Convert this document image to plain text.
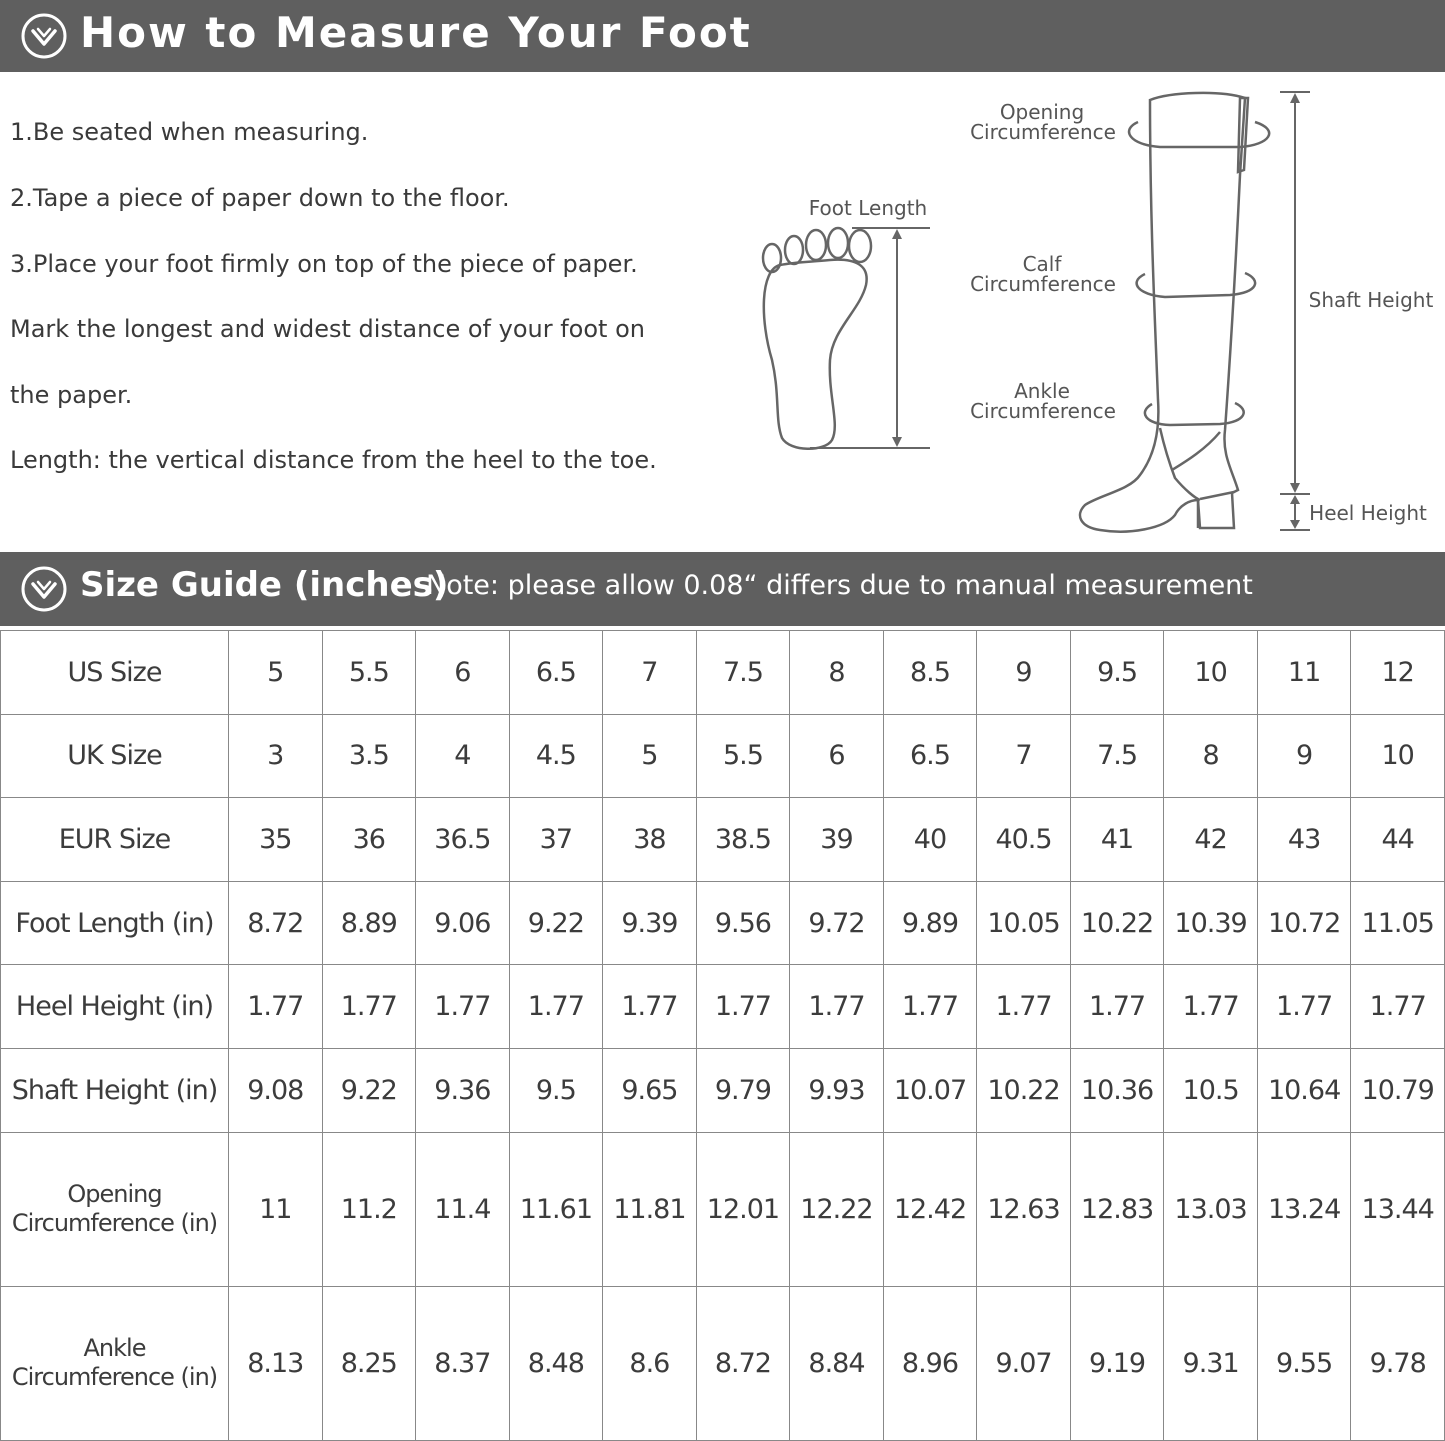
How to Measure Your Foot
1.Be seated when measuring.
2.Tape a piece of paper down to the floor.
3.Place your foot firmly on top of the piece of paper.
Mark the longest and widest distance of your foot on
the paper.
Length: the vertical distance from the heel to the toe.
Foot Length
Opening
Circumference
Calf
Circumference
Ankle
Circumference
Shaft Height
Heel Height
Size Guide (inches)
Note: please allow 0.08“ differs due to manual measurement
US Size	5	5.5	6	6.5	7	7.5	8	8.5	9	9.5	10	11	12
UK Size	3	3.5	4	4.5	5	5.5	6	6.5	7	7.5	8	9	10
EUR Size	35	36	36.5	37	38	38.5	39	40	40.5	41	42	43	44
Foot Length (in)	8.72	8.89	9.06	9.22	9.39	9.56	9.72	9.89	10.05	10.22	10.39	10.72	11.05
Heel Height (in)	1.77	1.77	1.77	1.77	1.77	1.77	1.77	1.77	1.77	1.77	1.77	1.77	1.77
Shaft Height (in)	9.08	9.22	9.36	9.5	9.65	9.79	9.93	10.07	10.22	10.36	10.5	10.64	10.79

Opening
Circumference (in)	11	11.2	11.4	11.61	11.81	12.01	12.22	12.42	12.63	12.83	13.03	13.24	13.44

Ankle
Circumference (in)	8.13	8.25	8.37	8.48	8.6	8.72	8.84	8.96	9.07	9.19	9.31	9.55	9.78
